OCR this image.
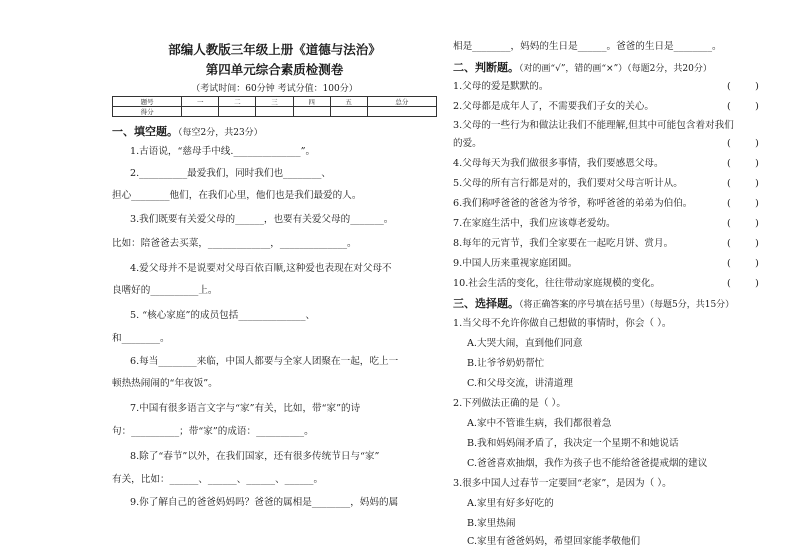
部编人教版三年级上册《道德与法治》
第四单元综合素质检测卷
（考试时间：60分钟 考试分值：100分）
题号	一	二	三	四	五	总分
得分						
一、填空题。（每空2分，共23分）
1.古语说，“慈母手中线.______________”。
2.__________最爱我们，同时我们也________、
担心________他们，在我们心里，他们也是我们最爱的人。
3.我们既要有关爱父母的______，也要有关爱父母的_______。
比如：陪爸爸去买菜，_____________，______________。
4.爱父母并不是说要对父母百依百顺,这种爱也表现在对父母不
良嗜好的__________上。
5. “核心家庭”的成员包括______________、
和________。
6.每当________来临，中国人都要与全家人团聚在一起，吃上一
顿热热闹闹的“年夜饭”。
7.中国有很多语言文字与“家”有关，比如，带“家”的诗
句：__________；带“家”的成语：__________。
8.除了“春节”以外，在我们国家，还有很多传统节日与“家”
有关，比如：______、______、______、______。
9.你了解自己的爸爸妈妈吗？爸爸的属相是________，妈妈的属
相是________，妈妈的生日是______。爸爸的生日是________。
二、判断题。（对的画“√”，错的画“×”）（每题2分，共20分）
1.父母的爱是默默的。	(        )
2.父母都是成年人了，不需要我们子女的关心。	(        )
3.父母的一些行为和做法让我们不能理解,但其中可能包含着对我们
的爱。	(        )
4.父母每天为我们做很多事情，我们要感恩父母。	(        )
5.父母的所有言行都是对的，我们要对父母言听计从。	(        )
6.我们称呼爸爸的爸爸为爷爷，称呼爸爸的弟弟为伯伯。	(        )
7.在家庭生活中，我们应该尊老爱幼。	(        )
8.每年的元宵节，我们全家要在一起吃月饼、赏月。	(        )
9.中国人历来重视家庭团圆。	(        )
10.社会生活的变化，往往带动家庭规模的变化。	(        )
三、选择题。（将正确答案的序号填在括号里）（每题5分，共15分）
1.当父母不允许你做自己想做的事情时，你会（ ）。
A.大哭大闹，直到他们同意
B.让爷爷奶奶帮忙
C.和父母交流，讲清道理
2.下列做法正确的是（ ）。
A.家中不管谁生病，我们都很着急
B.我和妈妈闹矛盾了，我决定一个星期不和她说话
C.爸爸喜欢抽烟，我作为孩子也不能给爸爸提戒烟的建议
3.很多中国人过春节一定要回“老家”，是因为（ ）。
A.家里有好多好吃的
B.家里热闹
C.家里有爸爸妈妈，希望回家能孝敬他们
